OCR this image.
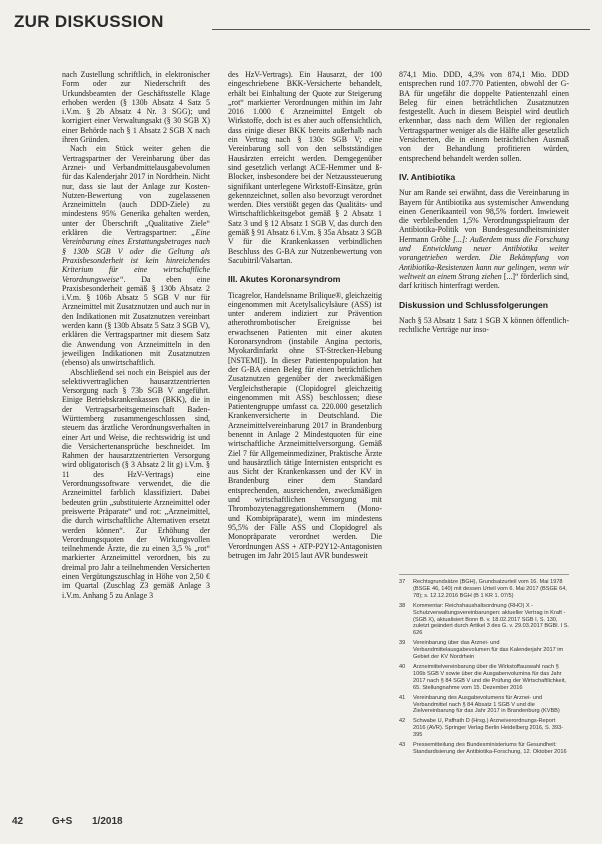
ZUR DISKUSSION

nach Zustellung schriftlich, in elektronischer Form oder zur Niederschrift des Urkundsbeamten der Geschäftsstelle Klage erhoben werden (§ 130b Absatz 4 Satz 5 i.V.m. § 2b Absatz 4 Nr. 3 SGG); und korrigiert einer Verwaltungsakt (§ 30 SGB X) einer Behörde nach § 1 Absatz 2 SGB X nach ihren Gründen.

Nach ein Stück weiter gehen die Vertragspartner der Vereinbarung über das Arznei- und Verbandmittelausgabevolumen für das Kalenderjahr 2017 in Nordrhein. Nicht nur, dass sie laut der Anlage zur Kosten-Nutzen-Bewertung von zugelassenen Arzneimitteln (auch DDD-Ziele) zu mindestens 95% Generika gehalten werden, unter der Überschrift „Qualitative Ziele“ erklären die Vertragspartner: „Eine Vereinbarung eines Erstattungsbetrages nach § 130b SGB V oder die Geltung als Praxisbesonderheit ist kein hinreichendes Kriterium für eine wirtschaftliche Verordnungsweise“. Da eben eine Praxisbesonderheit gemäß § 130b Absatz 2 i.V.m. § 106b Absatz 5 SGB V nur für Arzneimittel mit Zusatznutzen und auch nur in den Indikationen mit Zusatznutzen vereinbart werden kann (§ 130b Absatz 5 Satz 3 SGB V), erklären die Vertragspartner mit diesem Satz die Anwendung von Arzneimitteln in den jeweiligen Indikationen mit Zusatznutzen (ebenso) als unwirtschaftlich.

Abschließend sei noch ein Beispiel aus der selektivvertraglichen hausarztzentrierten Versorgung nach § 73b SGB V angeführt. Einige Betriebskrankenkassen (BKK), die in der Vertragsarbeitsgemeinschaft Baden-Württemberg zusammengeschlossen sind, steuern das ärztliche Verordnungsverhalten in einer Art und Weise, die rechtswidrig ist und die Versichertenansprüche beschneidet. Im Rahmen der hausarztzentrierten Versorgung wird obligatorisch (§ 3 Absatz 2 lit g) i.V.m. § 11 des HzV-Vertrags) eine Verordnungssoftware verwendet, die die Arzneimittel farblich klassifiziert. Dabei bedeuten grün „substituierte Arzneimittel oder preiswerte Präparate“ und rot: „Arzneimittel, die durch wirtschaftliche Alternativen ersetzt werden können“. Zur Erhöhung der Verordnungsquoten der Wirkungsvollen teilnehmende Ärzte, die zu einen 3,5 % „rot“ markierter Arzneimittel verordnen, bis zu dreimal pro Jahr a teilnehmenden Versicherten einen Vergütungszuschlag in Höhe von 2,50 € im Quartal (Zuschlag Z3 gemäß Anlage 3 i.V.m. Anhang 5 zu Anlage 3

des HzV-Vertrags). Ein Hausarzt, der 100 eingeschriebene BKK-Versicherte behandelt, erhält bei Einhaltung der Quote zur Steigerung „rot“ markierter Verordnungen mithin im Jahr 2016 1.000 € Arzneimittel Entgelt ob Wirkstoffe, doch ist es aber auch offensichtlich, dass einige dieser BKK bereits außerhalb nach ein Vertrag nach § 130c SGB V; eine Vereinbarung soll von den selbstständigen Hausärzten erreicht werden. Demgegenüber sind gesetzlich verlangt ACE-Hemmer und ß-Blocker, insbesondere bei der Netzaussteuerung signifikant unterlegene Wirkstoff-Einsätze, grün gekennzeichnet, sollen also bevorzugt verordnet werden. Dies verstößt gegen das Qualitäts- und Wirtschaftlichkeitsgebot gemäß § 2 Absatz 1 Satz 3 und § 12 Absatz 1 SGB V, das durch den gemäß § 91 Absatz 6 i.V.m. § 35a Absatz 3 SGB V für die Krankenkassen verbindlichen Beschluss des G-BA zur Nutzenbewertung von Sacubitril/Valsartan.

III. Akutes Koronarsyndrom

Ticagrelor, Handelsname Brilique®, gleichzeitig eingenommen mit Acetylsalicylsäure (ASS) ist unter anderem indiziert zur Prävention atherothrombotischer Ereignisse bei erwachsenen Patienten mit einer akuten Koronarsyndrom (instabile Angina pectoris, Myokardinfarkt ohne ST-Strecken-Hebung [NSTEMI]). In dieser Patientenpopulation hat der G-BA einen Beleg für einen beträchtlichen Zusatznutzen gegenüber der zweckmäßigen Vergleichstherapie (Clopidogrel gleichzeitig eingenommen mit ASS) beschlossen; diese Patientengruppe umfasst ca. 220.000 gesetzlich Krankenversicherte in Deutschland. Die Arzneimittelvereinbarung 2017 in Brandenburg benennt in Anlage 2 Mindestquoten für eine wirtschaftliche Arzneimittelversorgung. Gemäß Ziel 7 für Allgemeinmediziner, Praktische Ärzte und hausärztlich tätige Internisten entspricht es aus Sicht der Krankenkassen und der KV in Brandenburg einer dem Standard entsprechenden, ausreichenden, zweckmäßigen und wirtschaftlichen Versorgung mit Thrombozytenaggregationshemmern (Mono- und Kombipräparate), wenn im mindestens 95,5% der Fälle ASS und Clopidogrel als Monopräparate verordnet werden. Die Verordnungen ASS + ATP-P2Y12-Antagonisten betrugen im Jahr 2015 laut AVR bundesweit

874,1 Mio. DDD, 4,3% von 874,1 Mio. DDD entsprechen rund 107.770 Patienten, obwohl der G-BA für ungefähr die doppelte Patientenzahl einen Beleg für einen beträchtlichen Zusatznutzen festgestellt. Auch in diesem Beispiel wird deutlich erkennbar, dass nach dem Willen der regionalen Vertragspartner weniger als die Hälfte aller gesetzlich Versicherten, die in einem beträchtlichen Ausmaß von der Behandlung profitieren würden, entsprechend behandelt werden sollen.

IV. Antibiotika

Nur am Rande sei erwähnt, dass die Vereinbarung in Bayern für Antibiotika aus systemischer Anwendung einen Generikaanteil von 98,5% fordert. Inwieweit die verbleibenden 1,5% Verordnungsspielraum der Antibiotika-Politik von Bundesgesundheitsminister Hermann Gröhe [...]: Außerdem muss die Forschung und Entwicklung neuer Antibiotika weiter vorangetrieben werden. Die Bekämpfung von Antibiotika-Resistenzen kann nur gelingen, wenn wir weltweit an einem Strang ziehen [...]“ förderlich sind, darf kritisch hinterfragt werden.

Diskussion und Schlussfolgerungen

Nach § 53 Absatz 1 Satz 1 SGB X können öffentlich-rechtliche Verträge nur inso-

37	Rechtsgrundsätze (BGH), Grundsatzurteil vom 16. Mai 1978 (BSGE 46, 140) mit dessen Urteil vom 6. Mai 2017 (BSGE 64, 78); s. 12.12.2016 BGH (B 1 KR 1. 07/5)
38	Kommentar: Reichshaushaltsordnung (RHO) X - Schutzverwaltungsvereinbarungen: aktueller Vertrag in Kraft - (SGB X), aktualisiert Bonn B. v. 18.02.2017 SGB I, S. 130, zuletzt geändert durch Artikel 3 des G. v. 29.03.2017 BGBl. I S. 626
39	Vereinbarung über das Arznei- und Verbandmittelausgabevolumen für das Kalenderjahr 2017 im Gebiet der KV Nordrhein
40	Arzneimittelvereinbarung über die Wirkstoffauswahl nach § 106b SGB V sowie über die Ausgabenvolumina für das Jahr 2017 nach § 84 SGB V und die Prüfung der Wirtschaftlichkeit, 65. Stellungnahme vom 15. Dezember 2016
41	Vereinbarung des Ausgabevolumens für Arznei- und Verbandmittel nach § 84 Absatz 1 SGB V und die Zielvereinbarung für das Jahr 2017 in Brandenburg (KVBB)
42	Schwabe U, Paffrath D (Hrsg.) Arzneiverordnungs-Report 2016 (AVR). Springer Verlag Berlin Heidelberg 2016, S. 393-395
43	Pressemitteilung des Bundesministeriums für Gesundheit: Standardisierung der Antibiotika-Forschung, 12. Oktober 2016
42	G+S 1/2018
